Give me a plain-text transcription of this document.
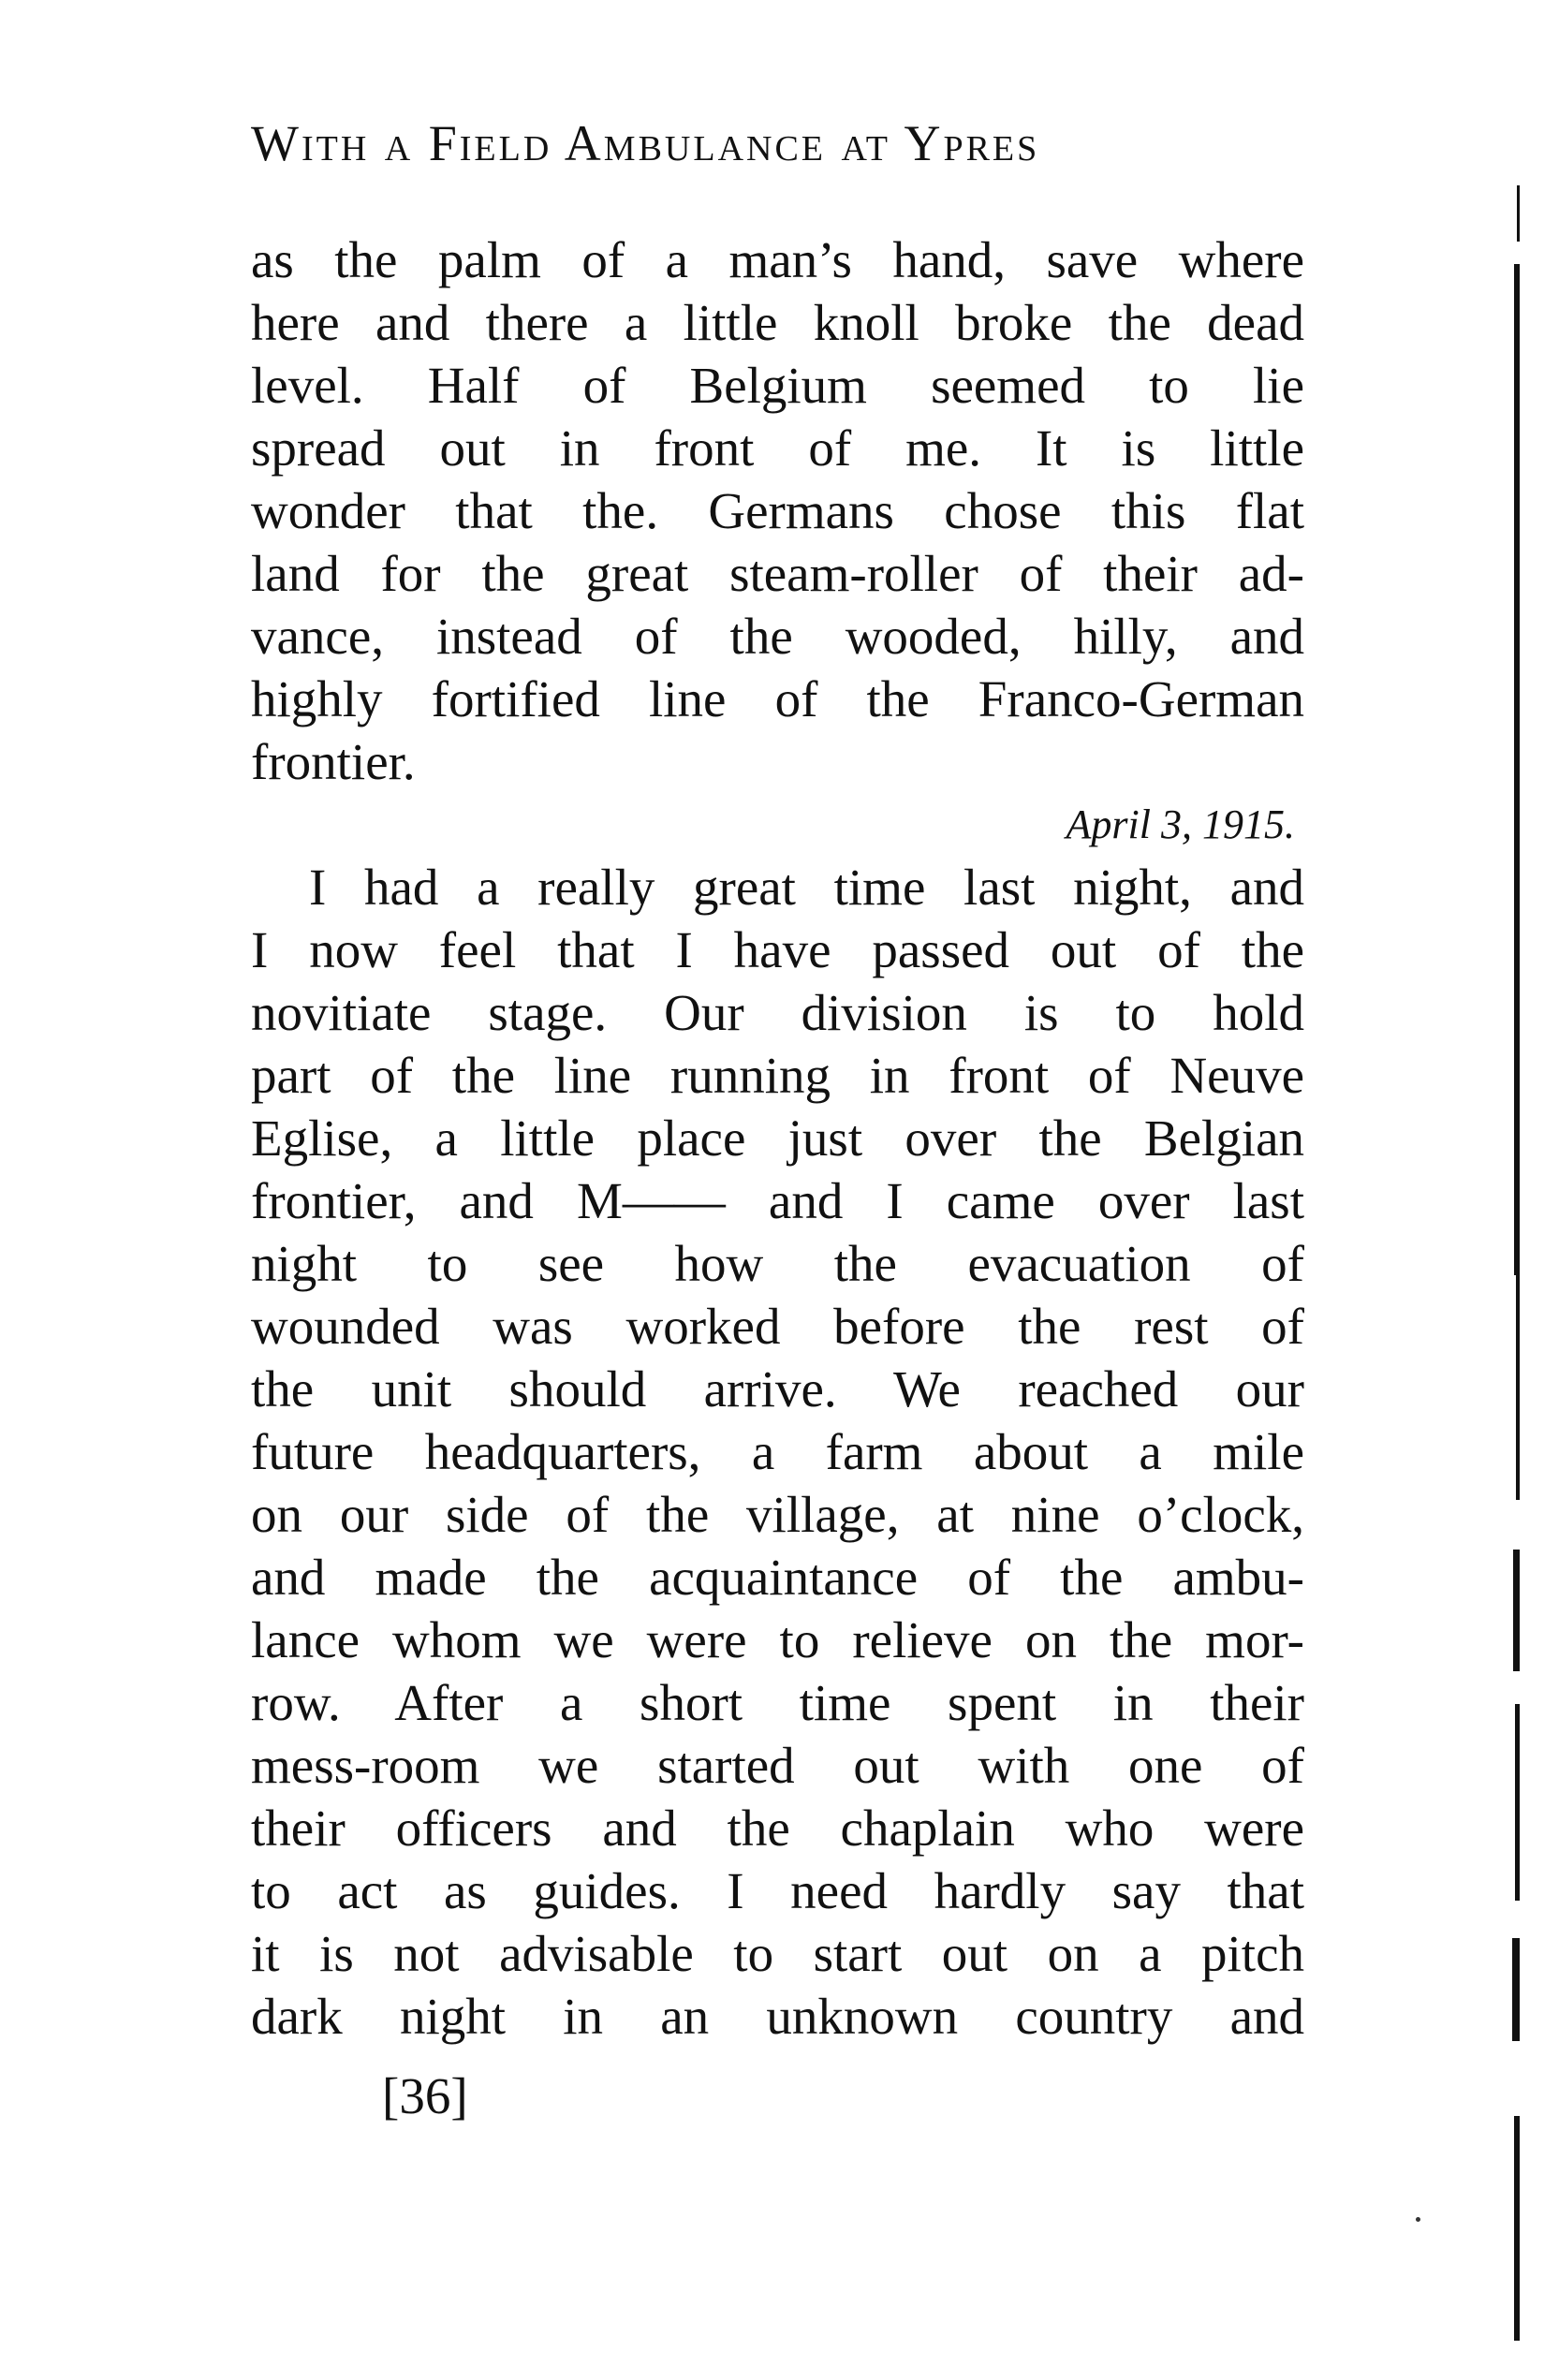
With a Field Ambulance at Ypres
as the palm of a man’s hand, save where
here and there a little knoll broke the dead
level. Half of Belgium seemed to lie
spread out in front of me. It is little
wonder that the. Germans chose this flat
land for the great steam-roller of their ad-
vance, instead of the wooded, hilly, and
highly fortified line of the Franco-German
frontier.
April 3, 1915.
I had a really great time last night, and
I now feel that I have passed out of the
novitiate stage. Our division is to hold
part of the line running in front of Neuve
Eglise, a little place just over the Belgian
frontier, and M—— and I came over last
night to see how the evacuation of
wounded was worked before the rest of
the unit should arrive. We reached our
future headquarters, a farm about a mile
on our side of the village, at nine o’clock,
and made the acquaintance of the ambu-
lance whom we were to relieve on the mor-
row. After a short time spent in their
mess-room we started out with one of
their officers and the chaplain who were
to act as guides. I need hardly say that
it is not advisable to start out on a pitch
dark night in an unknown country and
[36]
